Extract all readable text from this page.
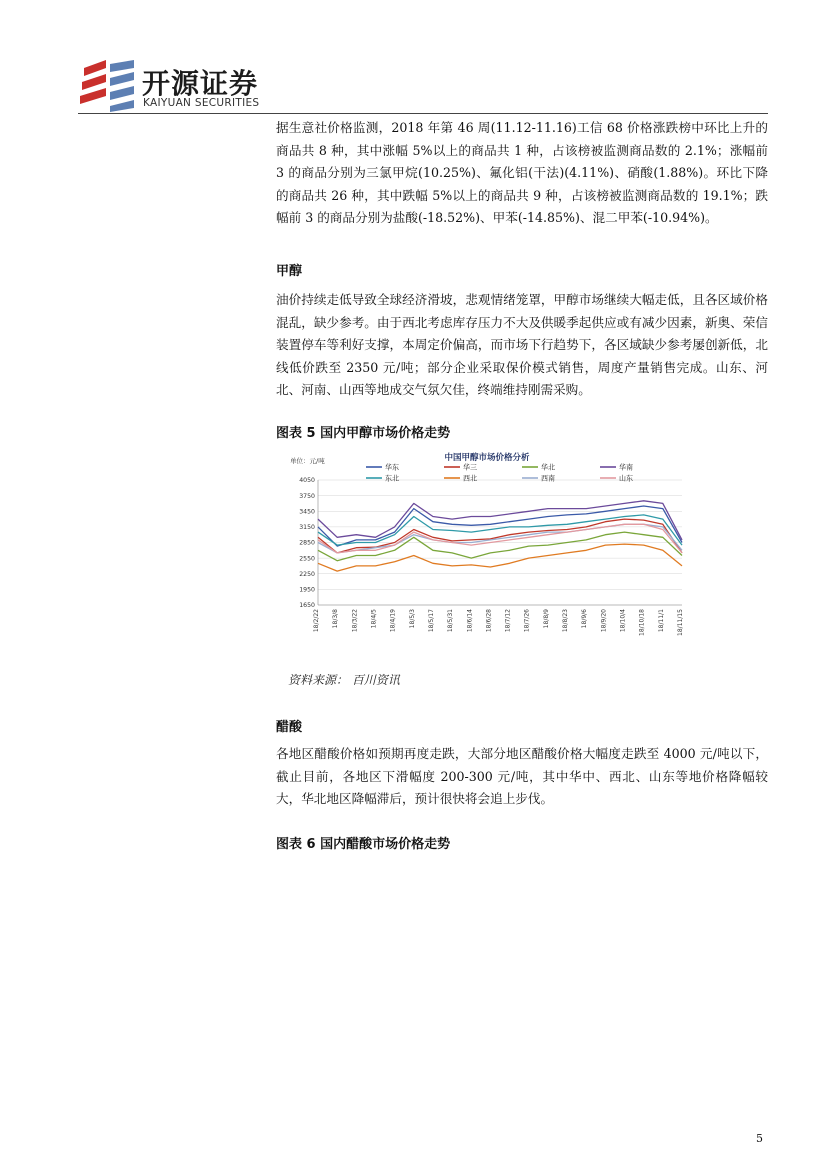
开源证券
KAIYUAN SECURITIES
据生意社价格监测，2018 年第 46 周(11.12-11.16)工信 68 价格涨跌榜中环比上升的商品共 8 种，其中涨幅 5%以上的商品共 1 种，占该榜被监测商品数的 2.1%；涨幅前 3 的商品分别为三氯甲烷(10.25%)、氟化铝(干法)(4.11%)、硝酸(1.88%)。环比下降的商品共 26 种，其中跌幅 5%以上的商品共 9 种，占该榜被监测商品数的 19.1%；跌幅前 3 的商品分别为盐酸(-18.52%)、甲苯(-14.85%)、混二甲苯(-10.94%)。
甲醇
油价持续走低导致全球经济滑坡，悲观情绪笼罩，甲醇市场继续大幅走低，且各区域价格混乱，缺少参考。由于西北考虑库存压力不大及供暖季起供应或有减少因素，新奥、荣信装置停车等利好支撑，本周定价偏高，而市场下行趋势下，各区域缺少参考屡创新低，北线低价跌至 2350 元/吨；部分企业采取保价模式销售，周度产量销售完成。山东、河北、河南、山西等地成交气氛欠佳，终端维持刚需采购。
图表 5 国内甲醇市场价格走势
中国甲醇市场价格分析
单位：元/吨
4050
3750
3450
3150
2850
2550
2250
1950
1650
18/2/22 18/3/8 18/3/22 18/4/5 18/4/19 18/5/3 18/5/17 18/5/31 18/6/14 18/6/28 18/7/12 18/7/26 18/8/9 18/8/23 18/9/6 18/9/20 18/10/4 18/10/18 18/11/1 18/11/15
华东	华三	华北	华南
东北	西北	西南	山东
资料来源： 百川资讯
醋酸
各地区醋酸价格如预期再度走跌，大部分地区醋酸价格大幅度走跌至 4000 元/吨以下，截止目前，各地区下滑幅度 200-300 元/吨，其中华中、西北、山东等地价格降幅较大，华北地区降幅滞后，预计很快将会追上步伐。
图表 6 国内醋酸市场价格走势
5
